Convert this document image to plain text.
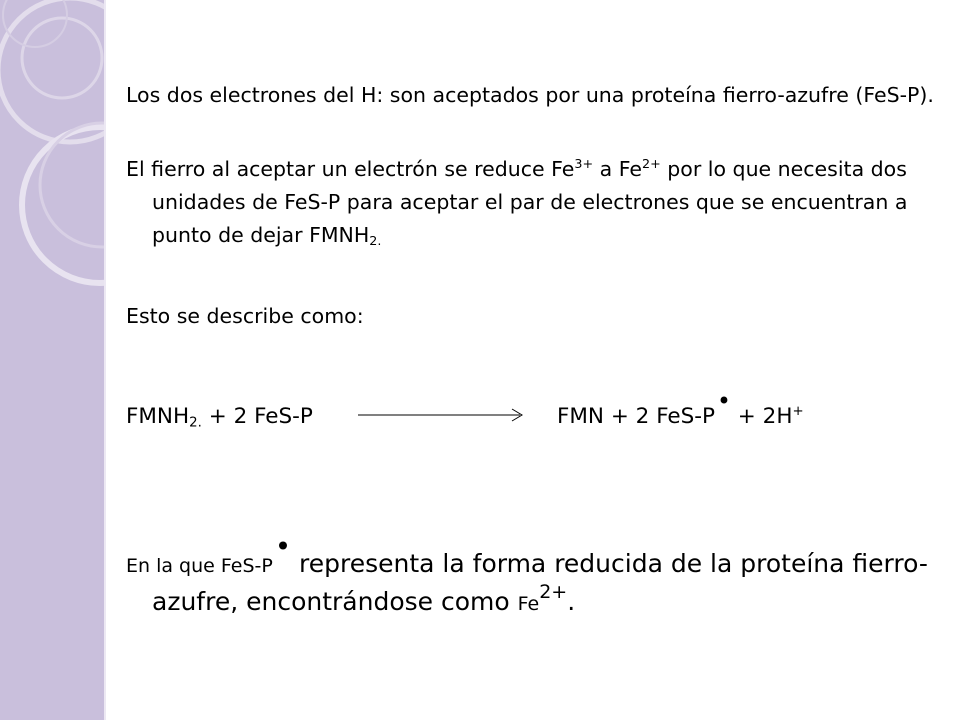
Los dos electrones del H: son aceptados por una proteína fierro-azufre (FeS-P).

El fierro al aceptar un electrón se reduce $Fe^{3+}$ a $Fe^{2+}$ por lo que necesita dos unidades de FeS-P para aceptar el par de electrones que se encuentran a punto de dejar $FMNH_{2.}$

Esto se describe como:

$FMNH_{2.} + 2$ FeS-P	FMN + 2 FeS-P• + 2H+

En la que FeS-P• representa la forma reducida de la proteína fierro-azufre, encontrándose como $Fe^{2+}$.
